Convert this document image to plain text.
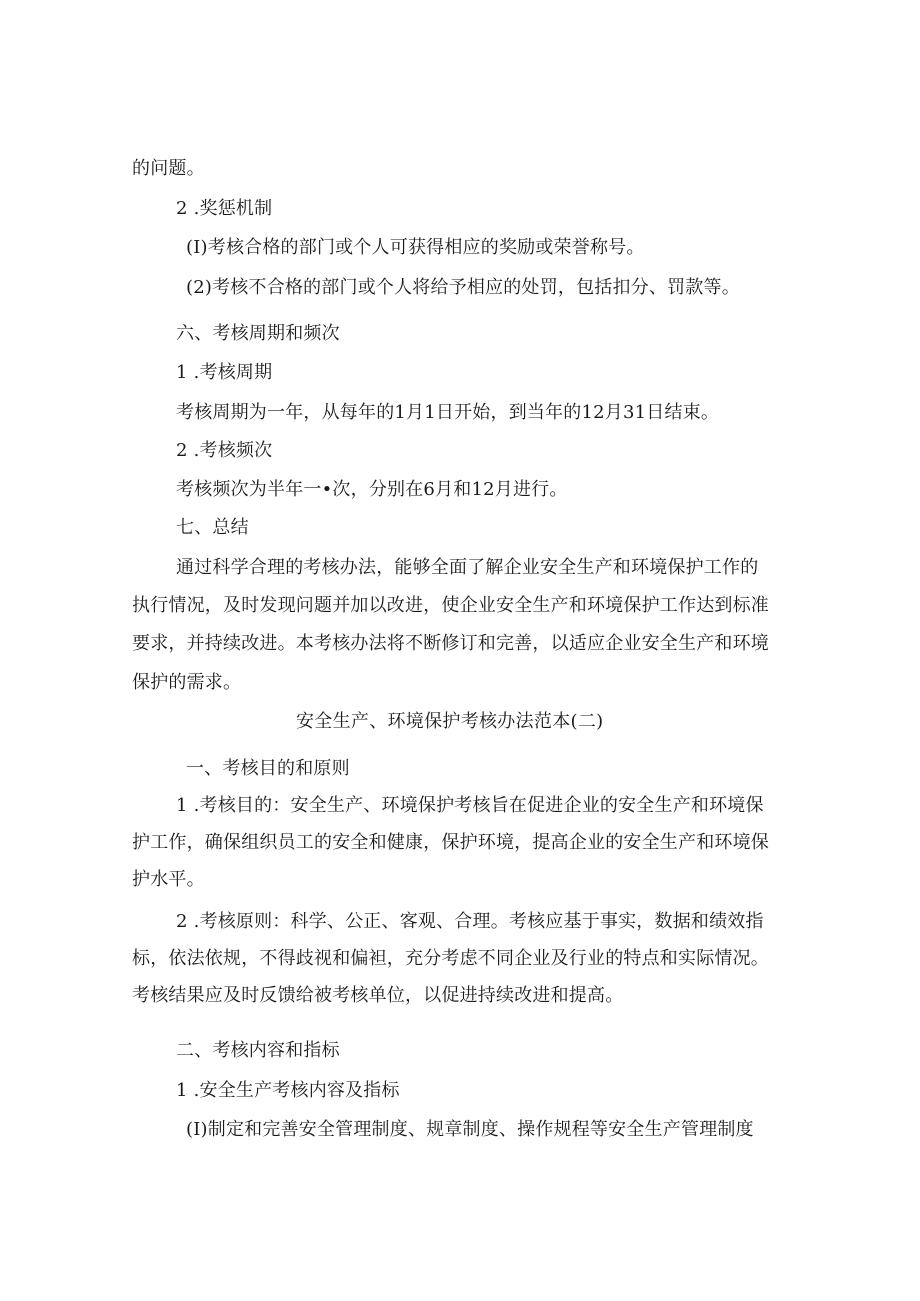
的问题。
2 .奖惩机制
(I)考核合格的部门或个人可获得相应的奖励或荣誉称号。
(2)考核不合格的部门或个人将给予相应的处罚，包括扣分、罚款等。
六、考核周期和频次
1 .考核周期
考核周期为一年，从每年的1月1日开始，到当年的12月31日结束。
2 .考核频次
考核频次为半年一•次，分别在6月和12月进行。
七、总结
通过科学合理的考核办法，能够全面了解企业安全生产和环境保护工作的
执行情况，及时发现问题并加以改进，使企业安全生产和环境保护工作达到标准
要求，并持续改进。本考核办法将不断修订和完善，以适应企业安全生产和环境
保护的需求。
安全生产、环境保护考核办法范本(二)
一、考核目的和原则
1 .考核目的：安全生产、环境保护考核旨在促进企业的安全生产和环境保
护工作，确保组织员工的安全和健康，保护环境，提高企业的安全生产和环境保
护水平。
2 .考核原则：科学、公正、客观、合理。考核应基于事实，数据和绩效指
标，依法依规，不得歧视和偏袒，充分考虑不同企业及行业的特点和实际情况。
考核结果应及时反馈给被考核单位，以促进持续改进和提高。
二、考核内容和指标
1 .安全生产考核内容及指标
(I)制定和完善安全管理制度、规章制度、操作规程等安全生产管理制度
